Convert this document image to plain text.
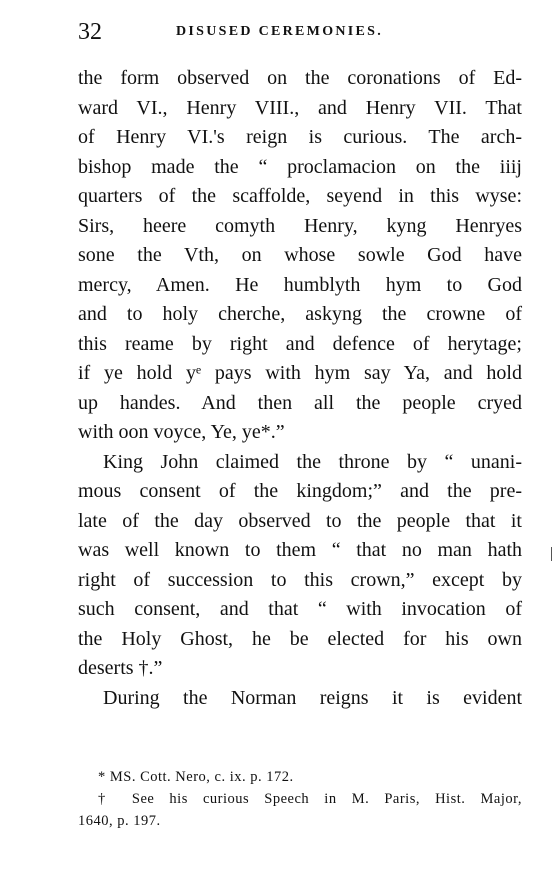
32	DISUSED CEREMONIES.
the form observed on the coronations of Ed-
ward VI., Henry VIII., and Henry VII. That
of Henry VI.'s reign is curious. The arch-
bishop made the “ proclamacion on the iiij
quarters of the scaffolde, seyend in this wyse:
Sirs, heere comyth Henry, kyng Henryes
sone the Vth, on whose sowle God have
mercy, Amen. He humblyth hym to God
and to holy cherche, askyng the crowne of
this reame by right and defence of herytage;
if ye hold yᵉ pays with hym say Ya, and hold
up handes. And then all the people cryed
with oon voyce, Ye, ye*.”
King John claimed the throne by “ unani-
mous consent of the kingdom;” and the pre-
late of the day observed to the people that it
was well known to them “ that no man hath
right of succession to this crown,” except by
such consent, and that “ with invocation of
the Holy Ghost, he be elected for his own
deserts †.”
During the Norman reigns it is evident
* MS. Cott. Nero, c. ix. p. 172.
† See his curious Speech in M. Paris, Hist. Major,
1640, p. 197.
